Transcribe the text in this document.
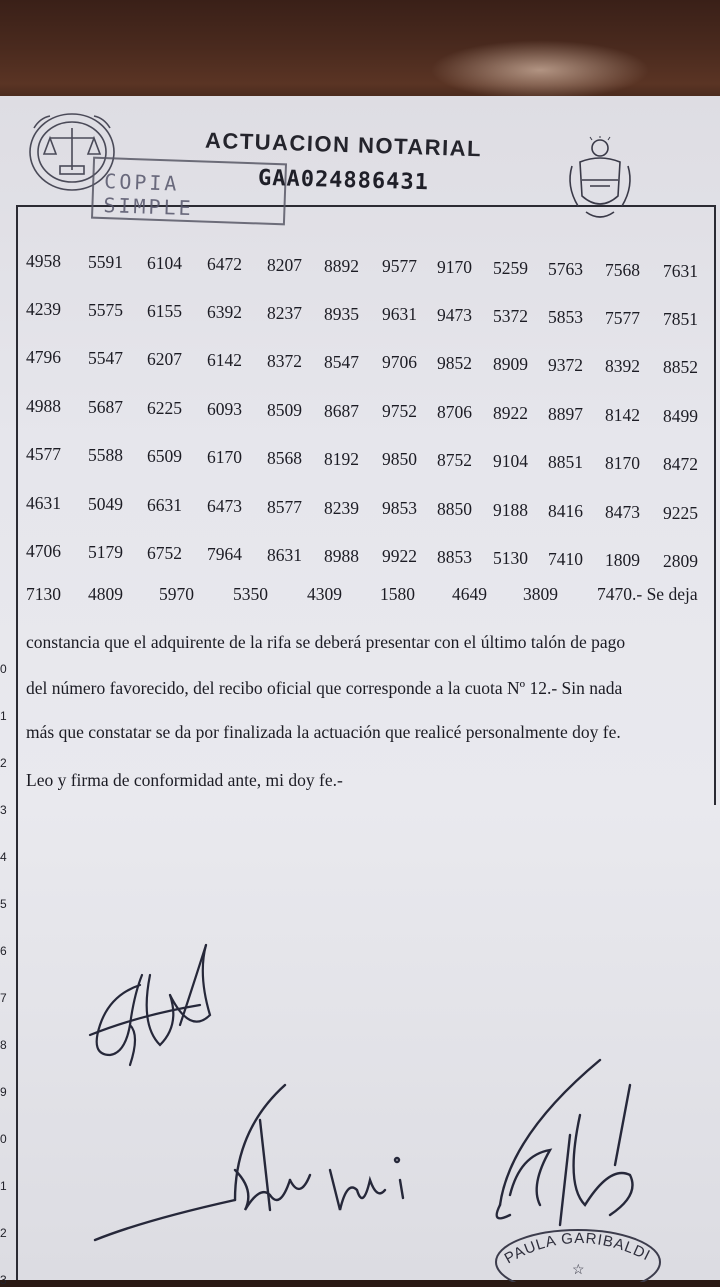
ACTUACION NOTARIAL
COPIA SIMPLE
GAA024886431
4958 5591 6104 6472 8207 8892 9577 9170 5259 5763 7568 7631
4239 5575 6155 6392 8237 8935 9631 9473 5372 5853 7577 7851
4796 5547 6207 6142 8372 8547 9706 9852 8909 9372 8392 8852
4988 5687 6225 6093 8509 8687 9752 8706 8922 8897 8142 8499
4577 5588 6509 6170 8568 8192 9850 8752 9104 8851 8170 8472
4631 5049 6631 6473 8577 8239 9853 8850 9188 8416 8473 9225
4706 5179 6752 7964 8631 8988 9922 8853 5130 7410 1809 2809
7130 4809 5970 5350 4309 1580 4649 3809 7470.- Se deja
constancia que el adquirente de la rifa se deberá presentar con el último talón de pago
del número favorecido, del recibo oficial que corresponde a la cuota Nº 12.- Sin nada
más que constatar se da por finalizada la actuación que realicé personalmente doy fe.
Leo y firma de conformidad ante, mi doy fe.-
0
1
2
3
4
5
6
7
8
9
0
1
2
3
PAULA GARIBALDI
☆
